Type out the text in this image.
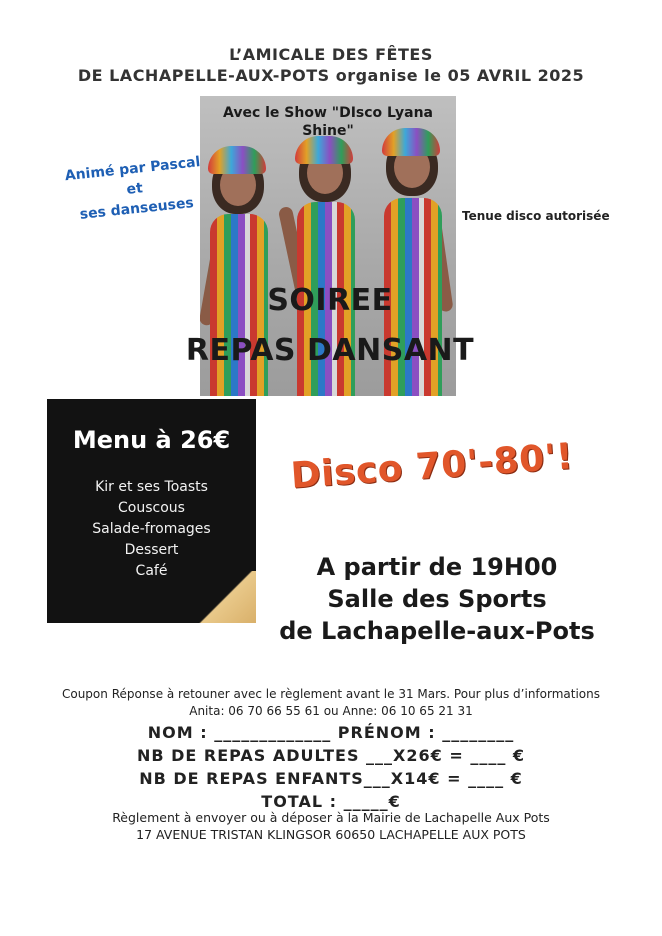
L’AMICALE DES FÊTES
DE LACHAPELLE-AUX-POTS organise le 05 AVRIL 2025
Avec le Show "DIsco Lyana Shine"
SOIREE
REPAS DANSANT
Animé par Pascal
et
ses danseuses	Tenue disco autorisée
Menu à 26€
Kir et ses Toasts
Couscous
Salade-fromages
Dessert
Café
Disco 70'-80'!
A partir de 19H00
Salle des Sports
de Lachapelle-aux-Pots
Coupon Réponse à retouner avec le règlement avant le 31 Mars. Pour plus d’informations
Anita: 06 70 66 55 61 ou Anne: 06 10 65 21 31
NOM : _____________ PRÉNOM : ________
NB DE REPAS ADULTES ___X26€ = ____ €
NB DE REPAS ENFANTS___X14€ = ____ €
TOTAL : _____€
Règlement à envoyer ou à déposer à la Mairie de Lachapelle Aux Pots
17 AVENUE TRISTAN KLINGSOR 60650 LACHAPELLE AUX POTS
